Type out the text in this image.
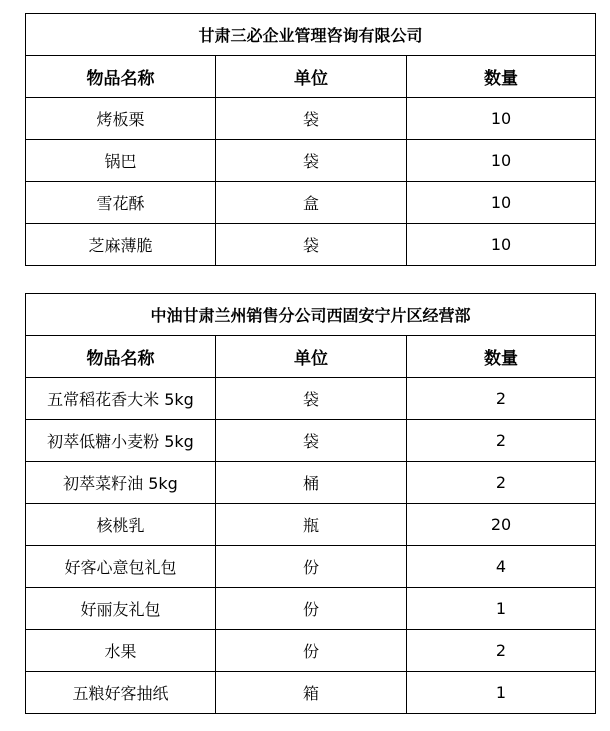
甘肃三必企业管理咨询有限公司		
物品名称	单位	数量
烤板栗	袋	10
锅巴	袋	10
雪花酥	盒	10
芝麻薄脆	袋	10
中油甘肃兰州销售分公司西固安宁片区经营部		
物品名称	单位	数量
五常稻花香大米 5kg	袋	2
初萃低糖小麦粉 5kg	袋	2
初萃菜籽油 5kg	桶	2
核桃乳	瓶	20
好客心意包礼包	份	4
好丽友礼包	份	1
水果	份	2
五粮好客抽纸	箱	1
